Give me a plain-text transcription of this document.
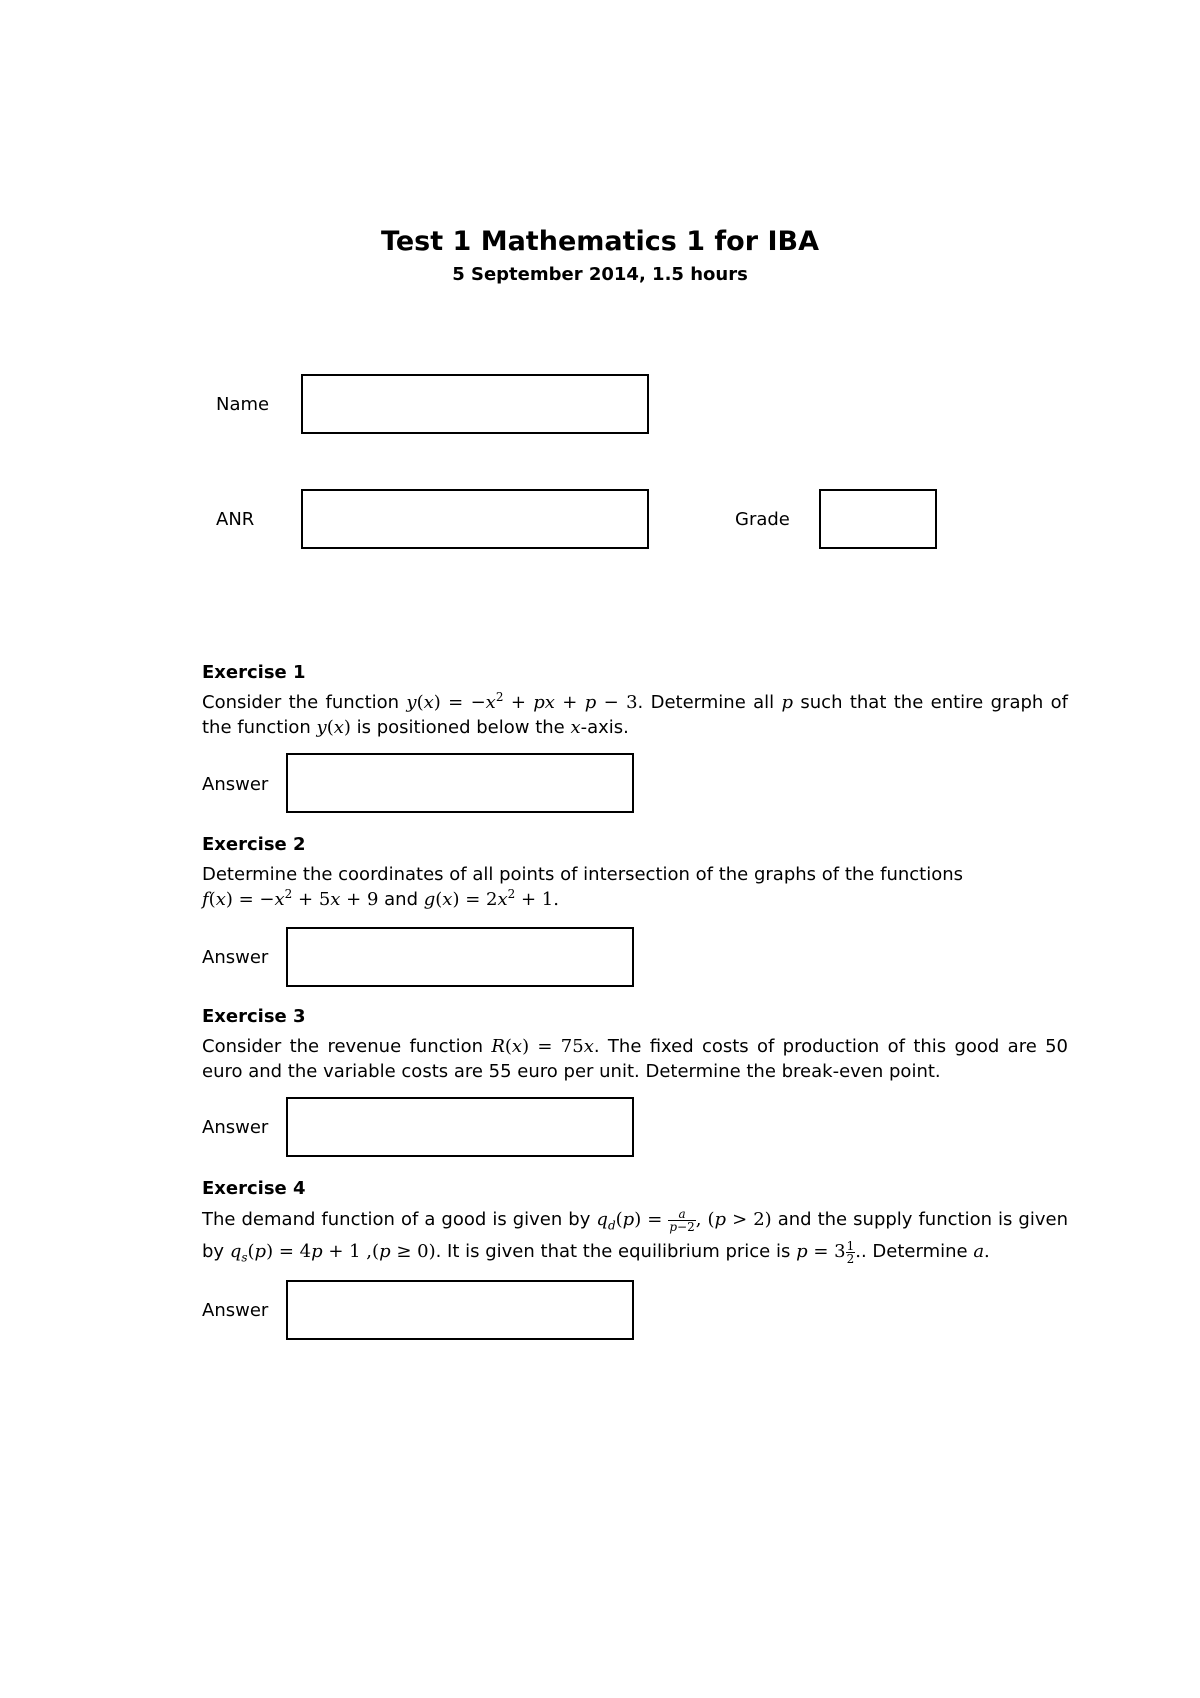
Test 1 Mathematics 1 for IBA
5 September 2014, 1.5 hours
Name
ANR	Grade
Exercise 1

Consider the function $y(x) = -x^2$ + px + p − 3. Determine all p such that the entire graph of the function y(x) is positioned below the x-axis.

Answer
Exercise 2

Determine the coordinates of all points of intersection of the graphs of the functions
$f(x) = -x^2 + 5x + 9$ and $g(x) = 2x^2 + 1$.

Answer
Exercise 3

Consider the revenue function R(x) = 75x. The fixed costs of production of this good are 50 euro and the variable costs are 55 euro per unit. Determine the break-even point.

Answer
Exercise 4

The demand function of a good is given by $q_d(p) = \frac{a}{p-2}$ , (p > 2) and the supply function is given by $q_s(p) = 4p + 1$ ,(p ≥ 0). It is given that the equilibrium price is $p = 3 \frac{1}{2}$ .. Determine a.

Answer
